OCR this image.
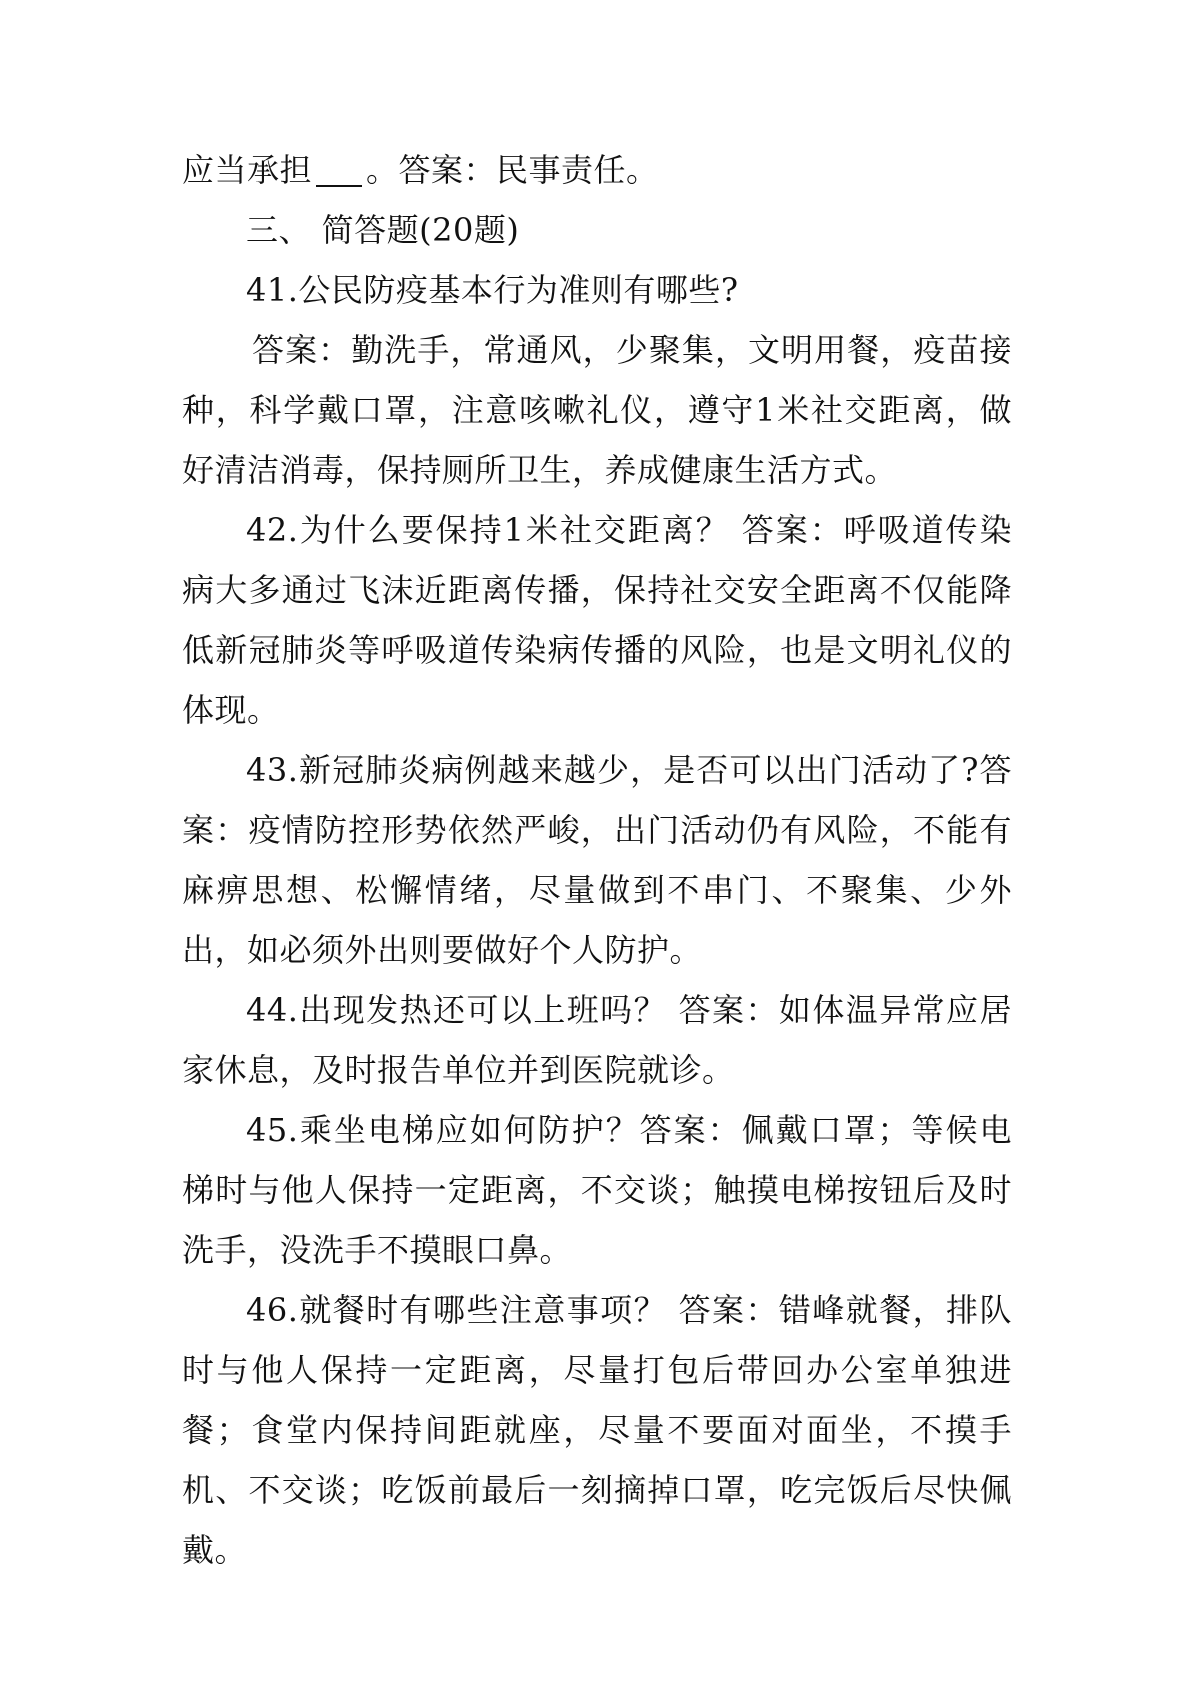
应当承担 。答案：民事责任。

三、 简答题(20题)

41.公民防疫基本行为准则有哪些?

答案：勤洗手，常通风，少聚集，文明用餐，疫苗接种，科学戴口罩，注意咳嗽礼仪，遵守1米社交距离，做好清洁消毒，保持厕所卫生，养成健康生活方式。

42.为什么要保持1米社交距离？ 答案：呼吸道传染病大多通过飞沫近距离传播，保持社交安全距离不仅能降低新冠肺炎等呼吸道传染病传播的风险，也是文明礼仪的体现。

43.新冠肺炎病例越来越少，是否可以出门活动了?答案：疫情防控形势依然严峻，出门活动仍有风险，不能有麻痹思想、松懈情绪，尽量做到不串门、不聚集、少外出，如必须外出则要做好个人防护。

44.出现发热还可以上班吗？ 答案：如体温异常应居家休息，及时报告单位并到医院就诊。

45.乘坐电梯应如何防护？答案：佩戴口罩；等候电梯时与他人保持一定距离，不交谈；触摸电梯按钮后及时洗手，没洗手不摸眼口鼻。

46.就餐时有哪些注意事项？ 答案：错峰就餐，排队时与他人保持一定距离，尽量打包后带回办公室单独进餐；食堂内保持间距就座，尽量不要面对面坐，不摸手机、不交谈；吃饭前最后一刻摘掉口罩，吃完饭后尽快佩戴。
